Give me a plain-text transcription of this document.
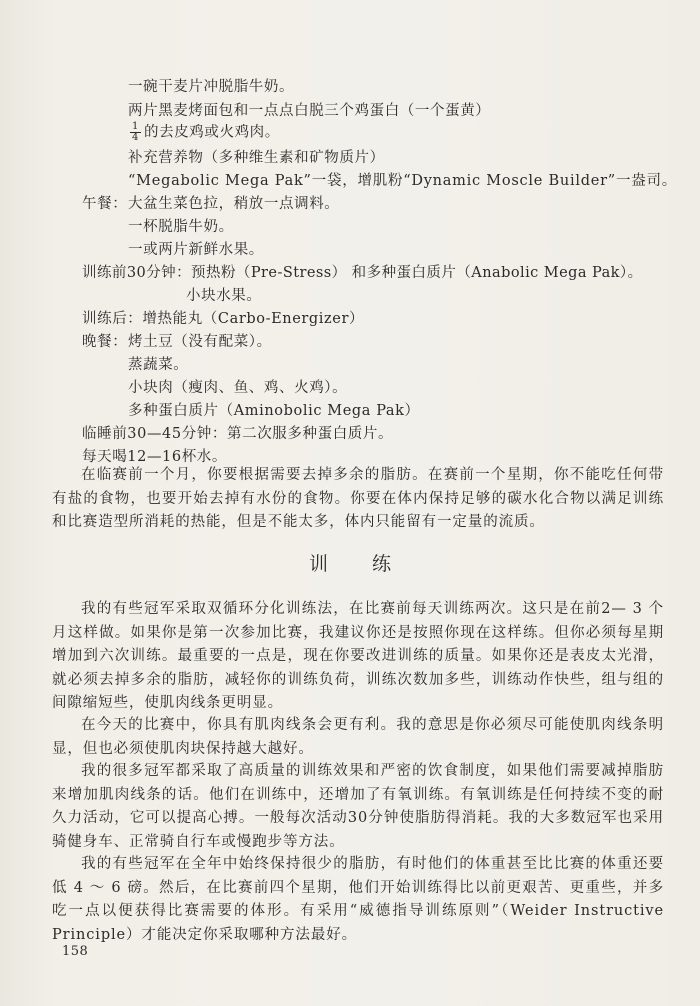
一碗干麦片冲脱脂牛奶。
两片黑麦烤面包和一点点白脱三个鸡蛋白（一个蛋黄）
$\frac{1}{4}$ 的去皮鸡或火鸡肉。
补充营养物（多种维生素和矿物质片）
“Megabolic Mega Pak”一袋，增肌粉“Dynamic Moscle Builder”一盎司。
午餐： 大盆生菜色拉，稍放一点调料。
一杯脱脂牛奶。
一或两片新鲜水果。
训练前30分钟：预热粉（Pre-Stress） 和多种蛋白质片（Anabolic Mega Pak）。
小块水果。
训练后：增热能丸（Carbo-Energizer）
晚餐： 烤土豆（没有配菜）。
蒸蔬菜。
小块肉（瘦肉、鱼、鸡、火鸡）。
多种蛋白质片（Aminobolic Mega Pak）
临睡前30—45分钟：第二次服多种蛋白质片。
每天喝12—16杯水。
在临赛前一个月，你要根据需要去掉多余的脂肪。在赛前一个星期，你不能吃任何带有盐的食物，也要开始去掉有水份的食物。你要在体内保持足够的碳水化合物以满足训练和比赛造型所消耗的热能，但是不能太多，体内只能留有一定量的流质。
训练
我的有些冠军采取双循环分化训练法，在比赛前每天训练两次。这只是在前2— 3 个月这样做。如果你是第一次参加比赛，我建议你还是按照你现在这样练。但你必须每星期增加到六次训练。最重要的一点是，现在你要改进训练的质量。如果你还是表皮太光滑，就必须去掉多余的脂肪，减轻你的训练负荷，训练次数加多些，训练动作快些，组与组的间隙缩短些，使肌肉线条更明显。
在今天的比赛中，你具有肌肉线条会更有利。我的意思是你必须尽可能使肌肉线条明显，但也必须使肌肉块保持越大越好。
我的很多冠军都采取了高质量的训练效果和严密的饮食制度，如果他们需要减掉脂肪来增加肌肉线条的话。他们在训练中，还增加了有氧训练。有氧训练是任何持续不变的耐久力活动，它可以提高心搏。一般每次活动30分钟使脂肪得消耗。我的大多数冠军也采用骑健身车、正常骑自行车或慢跑步等方法。
我的有些冠军在全年中始终保持很少的脂肪，有时他们的体重甚至比比赛的体重还要低 4 ～ 6 磅。然后，在比赛前四个星期，他们开始训练得比以前更艰苦、更重些，并多吃一点以便获得比赛需要的体形。有采用“威德指导训练原则”（Weider Instructive Principle）才能决定你采取哪种方法最好。
158
